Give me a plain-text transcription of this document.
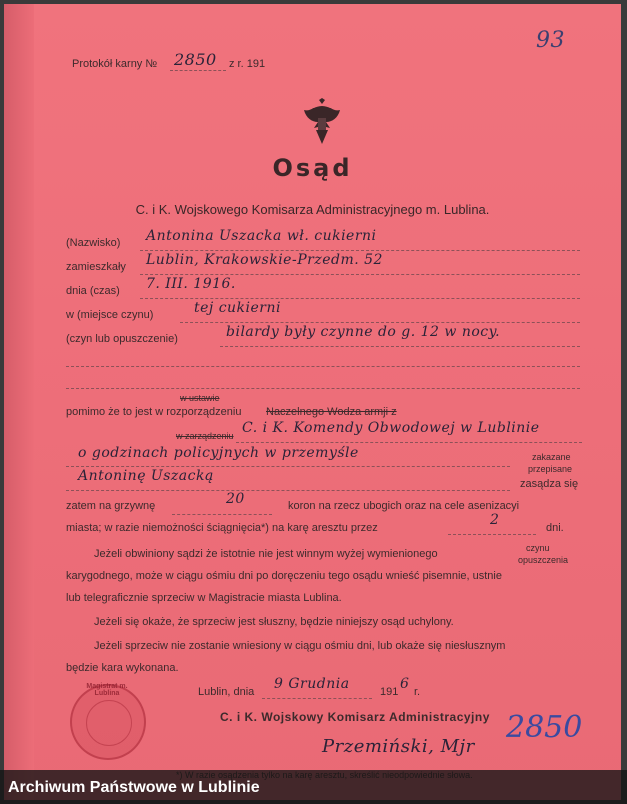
93
Protokół karny № 2850 z r. 191
Osąd
C. i K. Wojskowego Komisarza Administracyjnego m. Lublina.
(Nazwisko) Antonina Uszacka wł. cukierni
zamieszkały Lublin, Krakowskie-Przedm. 52
dnia (czas) 7. III. 1916.
w (miejsce czynu)	tej cukierni
(czyn lub opuszczenie)	bilardy były czynne do g. 12 w nocy.
w ustawie
pomimo że to jest w rozporządzeniu Naczelnego Wodza armji z
w zarządzeniu C. i K. Komendy Obwodowej w Lublinie
o godzinach policyjnych w przemyśle	zakazane
przepisane
Antoninę Uszacką	zasądza się
zatem na grzywnę	20	koron na rzecz ubogich oraz na cele asenizacyi
miasta; w razie niemożności ściągnięcia*) na karę aresztu przez	2	dni.
Jeżeli obwiniony sądzi że istotnie nie jest winnym wyżej wymienionego	czynu
opuszczenia
karygodnego, może w ciągu ośmiu dni po doręczeniu tego osądu wnieść pisemnie, ustnie
lub telegraficznie sprzeciw w Magistracie miasta Lublina.
Jeżeli się okaże, że sprzeciw jest słuszny, będzie niniejszy osąd uchylony.
Jeżeli sprzeciw nie zostanie wniesiony w ciągu ośmiu dni, lub okaże się niesłusznym
będzie kara wykonana.
Lublin, dnia 9 Grudnia	191 6 r.
C. i K. Wojskowy Komisarz Administracyjny
Przemiński, Mjr
2850
Magistrat m. Lublina
Archiwum Państwowe w Lublinie
